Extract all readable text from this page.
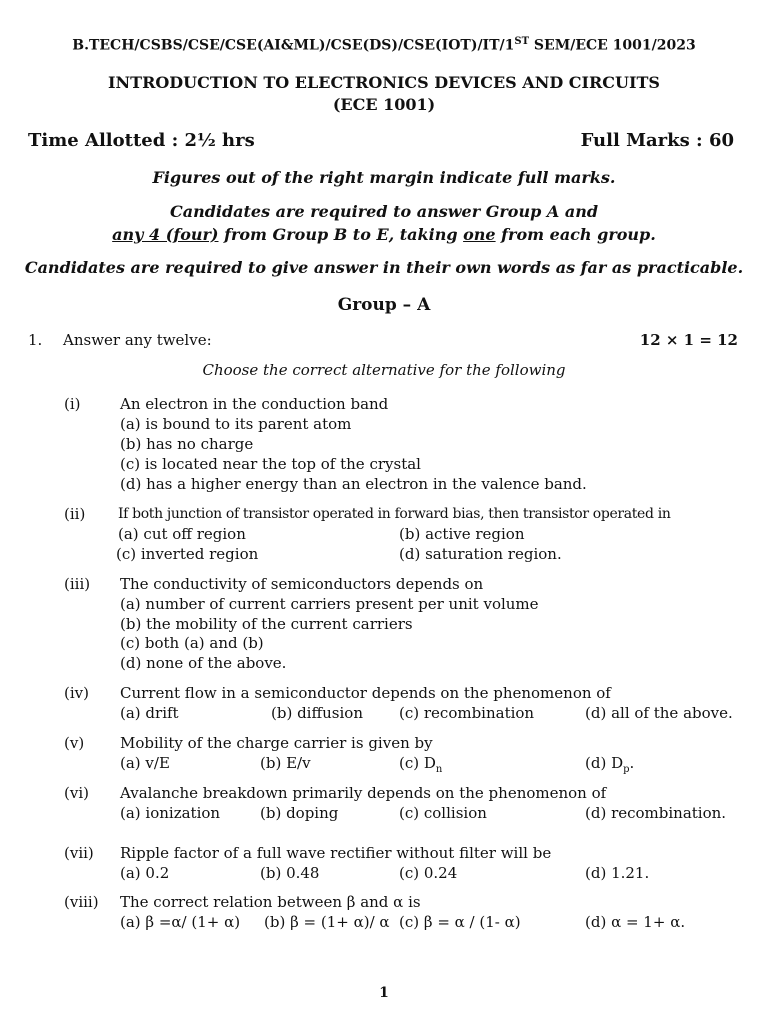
B.TECH/CSBS/CSE/CSE(AI&ML)/CSE(DS)/CSE(IOT)/IT/1ST SEM/ECE 1001/2023
INTRODUCTION TO ELECTRONICS DEVICES AND CIRCUITS
(ECE 1001)
Time Allotted : 2½ hrs	Full Marks : 60
Figures out of the right margin indicate full marks.
Candidates are required to answer Group A and
any 4 (four) from Group B to E, taking one from each group.
Candidates are required to give answer in their own words as far as practicable.
Group – A
1. Answer any twelve:	12 × 1 = 12
Choose the correct alternative for the following
(i)	An electron in the conduction band
(a) is bound to its parent atom
(b) has no charge
(c) is located near the top of the crystal
(d) has a higher energy than an electron in the valence band.
(ii) If both junction of transistor operated in forward bias, then transistor operated in
(a) cut off region	(b) active region
(c) inverted region	(d) saturation region.
(iii) The conductivity of semiconductors depends on
(a) number of current carriers present per unit volume
(b) the mobility of the current carriers
(c) both (a) and (b)
(d) none of the above.
(iv) Current flow in a semiconductor depends on the phenomenon of
(a) drift	(b) diffusion (c) recombination	(d) all of the above.
(v) Mobility of the charge carrier is given by
(a) v/E	(b) E/v	(c) $D_n$	(d) $D_p$.
(vi) Avalanche breakdown primarily depends on the phenomenon of
(a) ionization	(b) doping	(c) collision	(d) recombination.
(vii) Ripple factor of a full wave rectifier without filter will be
(a) 0.2	(b) 0.48	(c) 0.24	(d) 1.21.
(viii) The correct relation between β and α is
(a) β =α/ (1+ α) (b) β = (1+ α)/ α (c) β = α / (1- α)	(d) α = 1+ α.
1
